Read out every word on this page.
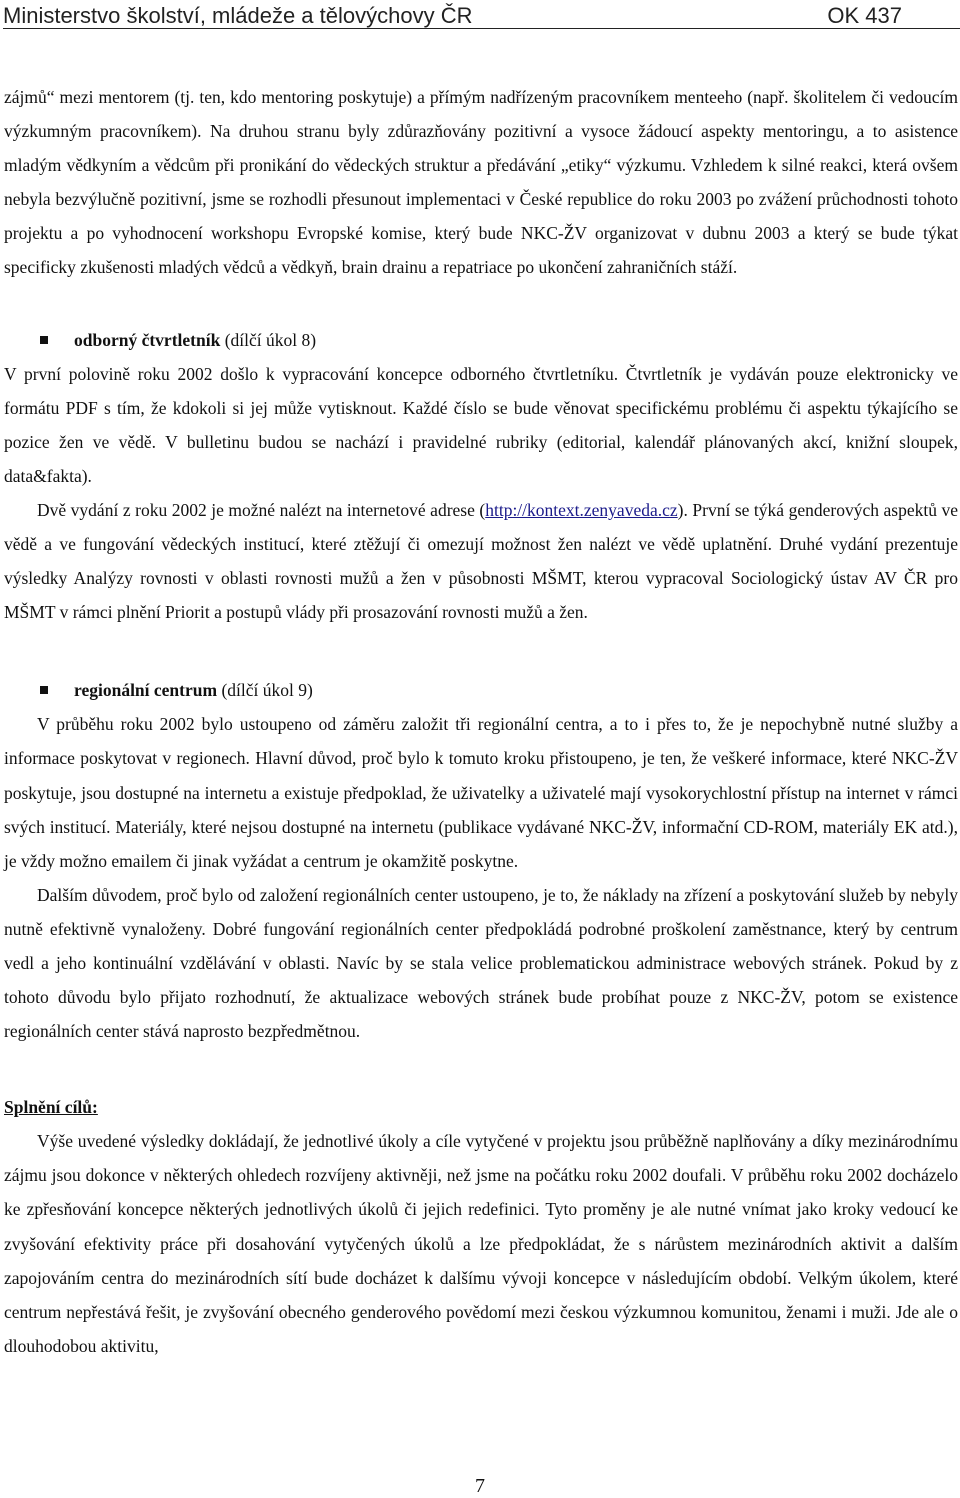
Ministerstvo školství, mládeže a tělovýchovy ČR	OK 437

zájmů“ mezi mentorem (tj. ten, kdo mentoring poskytuje) a přímým nadřízeným pracovníkem menteeho (např. školitelem či vedoucím výzkumným pracovníkem). Na druhou stranu byly zdůrazňovány pozitivní a vysoce žádoucí aspekty mentoringu, a to asistence mladým vědkyním a vědcům při pronikání do vědeckých struktur a předávání „etiky“ výzkumu. Vzhledem k silné reakci, která ovšem nebyla bezvýlučně pozitivní, jsme se rozhodli přesunout implementaci v České republice do roku 2003 po zvážení průchodnosti tohoto projektu a po vyhodnocení workshopu Evropské komise, který bude NKC-ŽV organizovat v dubnu 2003 a který se bude týkat specificky zkušenosti mladých vědců a vědkyň, brain drainu a repatriace po ukončení zahraničních stáží.

odborný čtvrtletník (dílčí úkol 8)

V první polovině roku 2002 došlo k vypracování koncepce odborného čtvrtletníku. Čtvrtletník je vydáván pouze elektronicky ve formátu PDF s tím, že kdokoli si jej může vytisknout. Každé číslo se bude věnovat specifickému problému či aspektu týkajícího se pozice žen ve vědě. V bulletinu budou se nachází i pravidelné rubriky (editorial, kalendář plánovaných akcí, knižní sloupek, data&fakta).

Dvě vydání z roku 2002 je možné nalézt na internetové adrese (http://kontext.zenyaveda.cz). První se týká genderových aspektů ve vědě a ve fungování vědeckých institucí, které ztěžují či omezují možnost žen nalézt ve vědě uplatnění. Druhé vydání prezentuje výsledky Analýzy rovnosti v oblasti rovnosti mužů a žen v působnosti MŠMT, kterou vypracoval Sociologický ústav AV ČR pro MŠMT v rámci plnění Priorit a postupů vlády při prosazování rovnosti mužů a žen.

regionální centrum (dílčí úkol 9)

V průběhu roku 2002 bylo ustoupeno od záměru založit tři regionální centra, a to i přes to, že je nepochybně nutné služby a informace poskytovat v regionech. Hlavní důvod, proč bylo k tomuto kroku přistoupeno, je ten, že veškeré informace, které NKC-ŽV poskytuje, jsou dostupné na internetu a existuje předpoklad, že uživatelky a uživatelé mají vysokorychlostní přístup na internet v rámci svých institucí. Materiály, které nejsou dostupné na internetu (publikace vydávané NKC-ŽV, informační CD-ROM, materiály EK atd.), je vždy možno emailem či jinak vyžádat a centrum je okamžitě poskytne.

Dalším důvodem, proč bylo od založení regionálních center ustoupeno, je to, že náklady na zřízení a poskytování služeb by nebyly nutně efektivně vynaloženy. Dobré fungování regionálních center předpokládá podrobné proškolení zaměstnance, který by centrum vedl a jeho kontinuální vzdělávání v oblasti. Navíc by se stala velice problematickou administrace webových stránek. Pokud by z tohoto důvodu bylo přijato rozhodnutí, že aktualizace webových stránek bude probíhat pouze z NKC-ŽV, potom se existence regionálních center stává naprosto bezpředmětnou.

Splnění cílů:

Výše uvedené výsledky dokládají, že jednotlivé úkoly a cíle vytyčené v projektu jsou průběžně naplňovány a díky mezinárodnímu zájmu jsou dokonce v některých ohledech rozvíjeny aktivněji, než jsme na počátku roku 2002 doufali. V průběhu roku 2002 docházelo ke zpřesňování koncepce některých jednotlivých úkolů či jejich redefinici. Tyto proměny je ale nutné vnímat jako kroky vedoucí ke zvyšování efektivity práce při dosahování vytyčených úkolů a lze předpokládat, že s nárůstem mezinárodních aktivit a dalším zapojováním centra do mezinárodních sítí bude docházet k dalšímu vývoji koncepce v následujícím období. Velkým úkolem, které centrum nepřestává řešit, je zvyšování obecného genderového povědomí mezi českou výzkumnou komunitou, ženami i muži. Jde ale o dlouhodobou aktivitu,

7
